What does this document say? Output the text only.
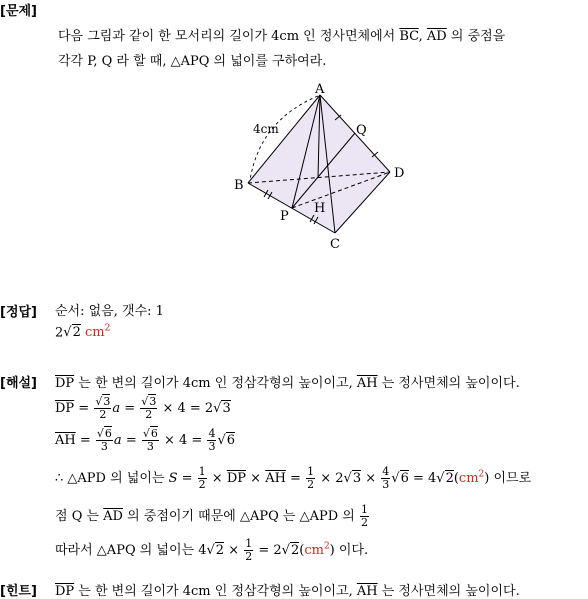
[문제]
다음 그림과 같이 한 모서리의 길이가 4cm 인 정사면체에서 $\overline{BC}$, $\overline{AD}$ 의 중점을
각각 P, Q 라 할 때, △APQ 의 넓이를 구하여라.
A
B
C
D
P
Q
H
4cm
[정답] 순서: 없음, 갯수: 1
2 √ 2 $cm^2$
[해설] $\overline{DP}$ 는 한 변의 길이가 4cm 인 정삼각형의 높이이고, $\overline{AH}$ 는 정사면체의 높이이다.
$\overline{DP} = \frac{√3}{2}$ $a = \frac{√3}{2} \times 4 = 2√3$
$\overline{AH} = \frac{√6}{3}$ $a = \frac{√6}{3} \times 4 = \frac{4}{3} √6$
∴ △APD 의 넓이는 $S = \frac{1}{2} \times \overline{DP} \times \overline{AH} = \frac{1}{2} \times 2√3 \times \frac{4}{3} √6 = 4√2(cm^2)$ 이므로
점 Q 는 $\overline{AD}$ 의 중점이기 때문에 △APQ 는 △APD 의 $\frac{1}{2}$
따라서 △APQ 의 넓이는 $4√2 \times \frac{1}{2} = 2√2(cm^2)$ 이다.
[힌트] $\overline{DP}$ 는 한 변의 길이가 4cm 인 정삼각형의 높이이고, $\overline{AH}$ 는 정사면체의 높이이다.
